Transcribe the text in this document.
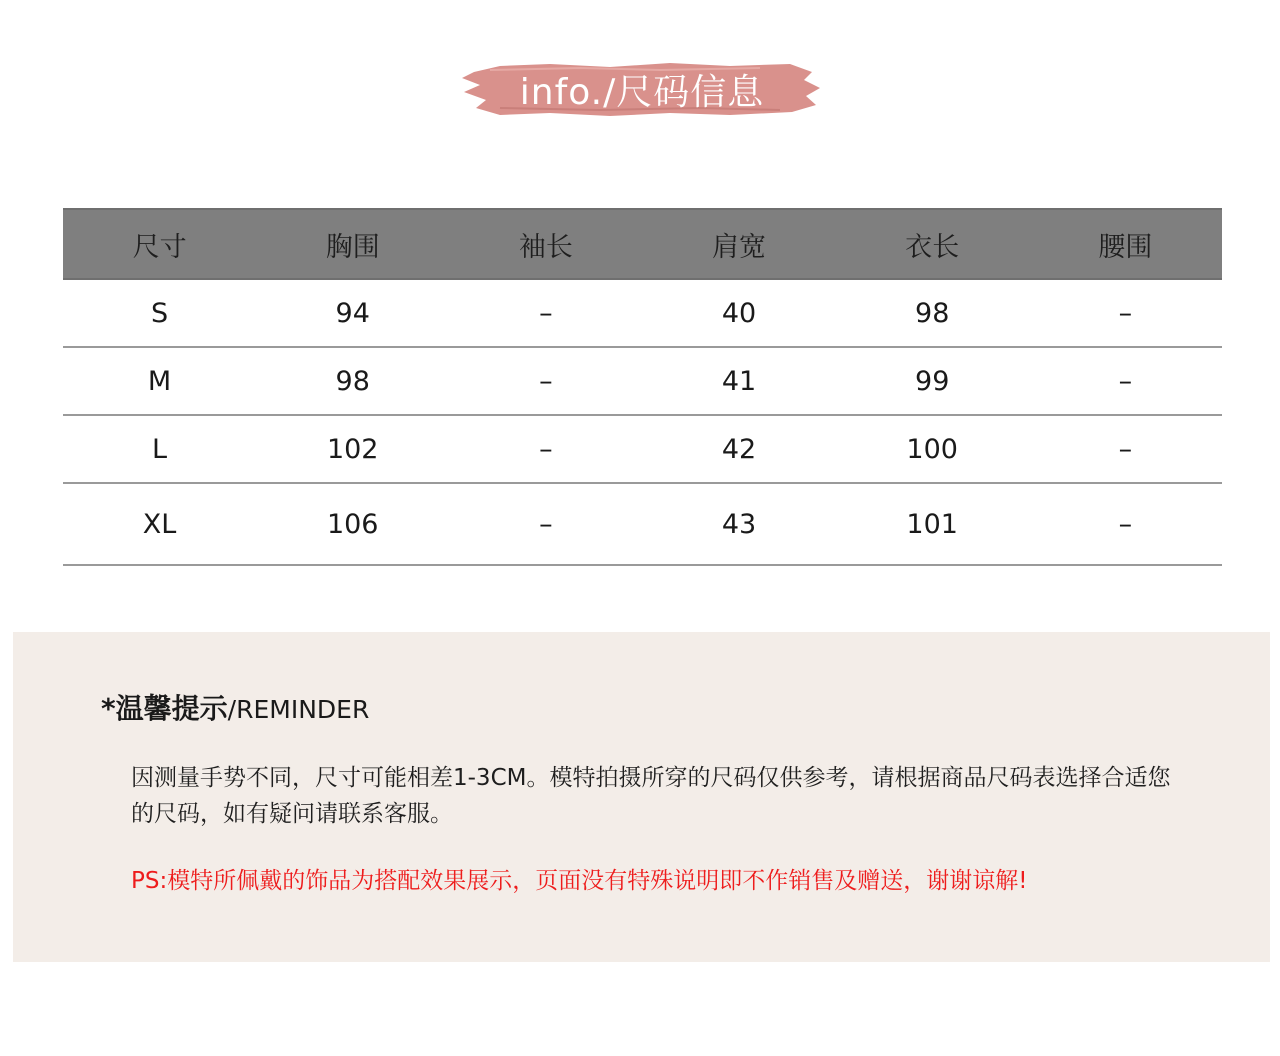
info./尺码信息
尺寸	胸围	袖长	肩宽	衣长	腰围
S	94	–	40	98	–
M	98	–	41	99	–
L	102	–	42	100	–
XL	106	–	43	101	–
*温馨提示/REMINDER
因测量手势不同，尺寸可能相差1-3CM。模特拍摄所穿的尺码仅供参考，请根据商品尺码表选择合适您的尺码，如有疑问请联系客服。
PS:模特所佩戴的饰品为搭配效果展示，页面没有特殊说明即不作销售及赠送，谢谢谅解!
